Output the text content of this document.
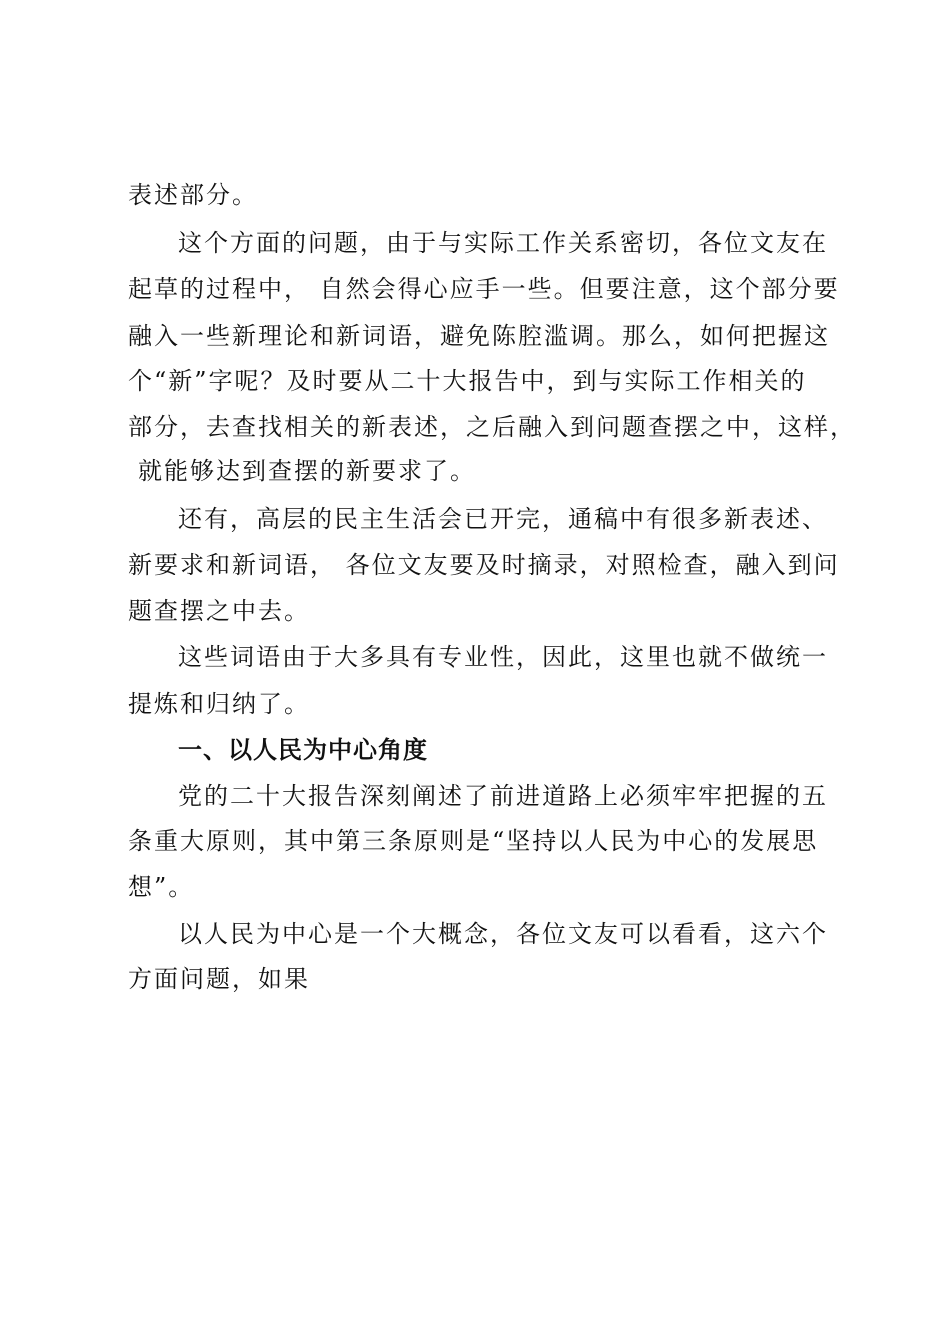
表述部分。
这个方面的问题，由于与实际工作关系密切，各位文友在
起草的过程中， 自然会得心应手一些。但要注意，这个部分要
融入一些新理论和新词语，避免陈腔滥调。那么，如何把握这
个“新”字呢？及时要从二十大报告中，到与实际工作相关的
部分，去查找相关的新表述，之后融入到问题查摆之中，这样，
就能够达到查摆的新要求了。
还有，高层的民主生活会已开完，通稿中有很多新表述、
新要求和新词语， 各位文友要及时摘录，对照检查，融入到问
题查摆之中去。
这些词语由于大多具有专业性，因此，这里也就不做统一
提炼和归纳了。
一、以人民为中心角度
党的二十大报告深刻阐述了前进道路上必须牢牢把握的五
条重大原则，其中第三条原则是“坚持以人民为中心的发展思
想”。
以人民为中心是一个大概念，各位文友可以看看，这六个
方面问题，如果
